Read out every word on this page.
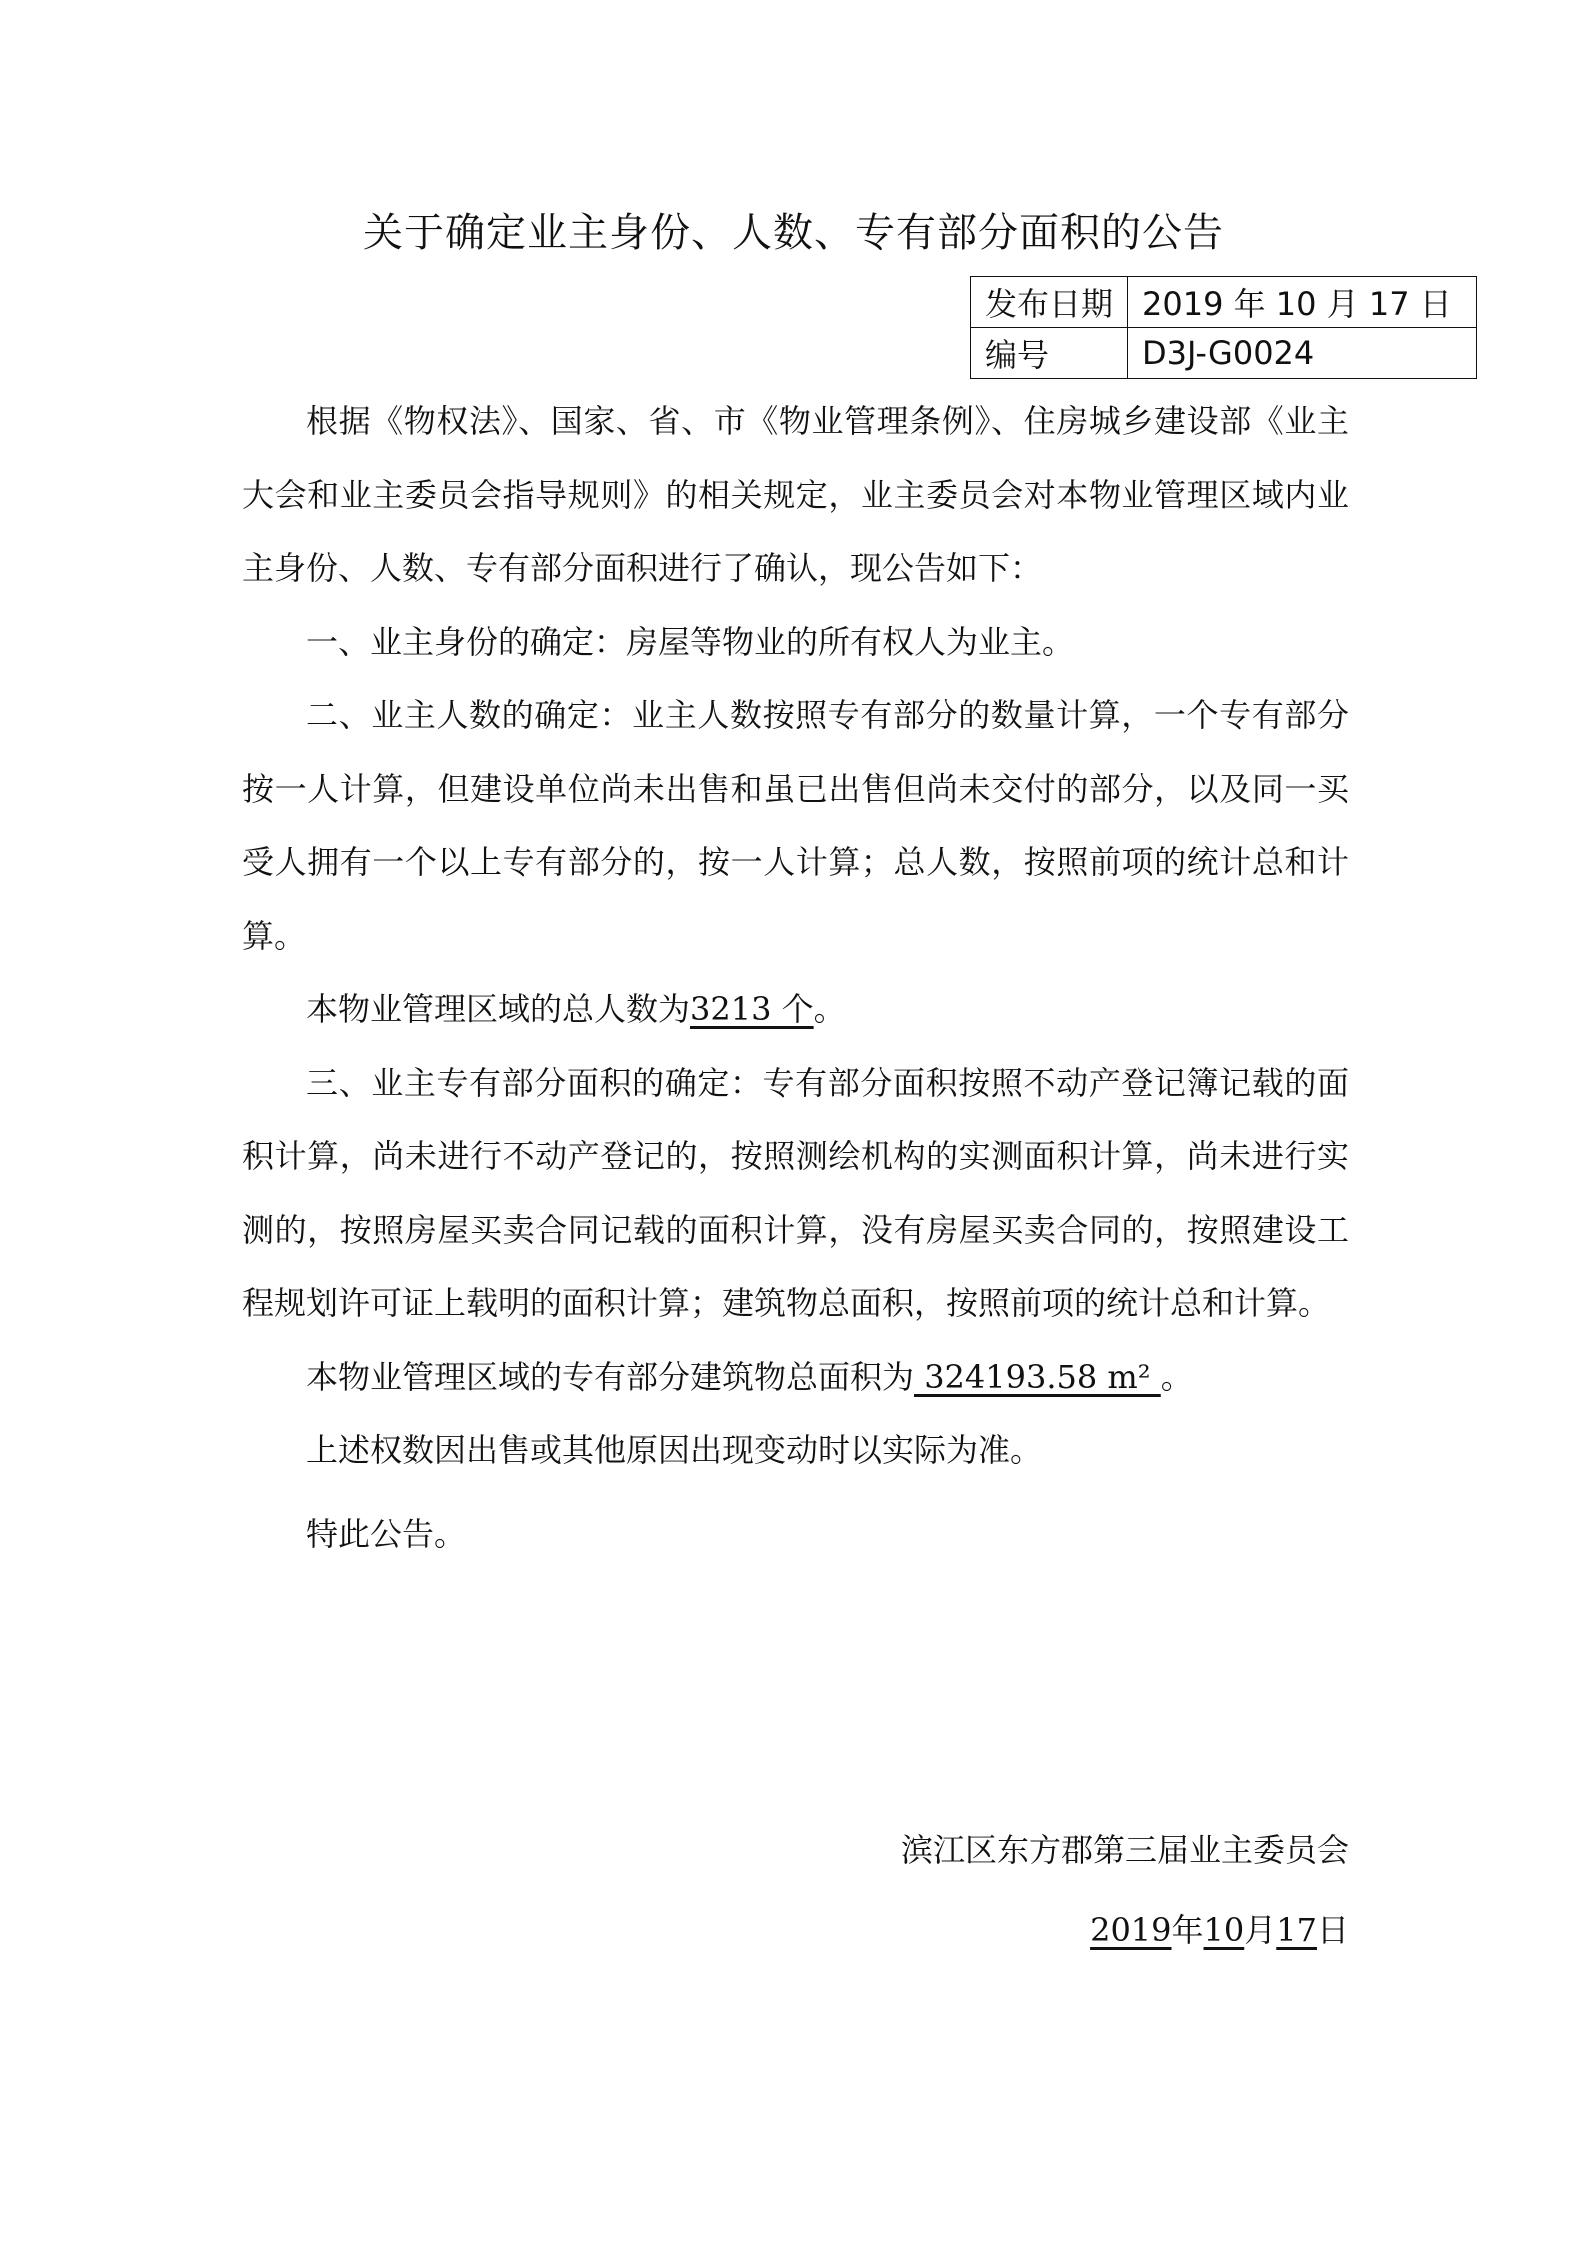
关于确定业主身份、人数、专有部分面积的公告
发布日期	2019 年 10 月 17 日
编号	D3J-G0024

根据《物权法》、国家、省、市《物业管理条例》、住房城乡建设部《业主大会和业主委员会指导规则》的相关规定，业主委员会对本物业管理区域内业主身份、人数、专有部分面积进行了确认，现公告如下：

一、业主身份的确定：房屋等物业的所有权人为业主。

二、业主人数的确定：业主人数按照专有部分的数量计算，一个专有部分按一人计算，但建设单位尚未出售和虽已出售但尚未交付的部分，以及同一买受人拥有一个以上专有部分的，按一人计算；总人数，按照前项的统计总和计算。

本物业管理区域的总人数为3213 个。

三、业主专有部分面积的确定：专有部分面积按照不动产登记簿记载的面积计算，尚未进行不动产登记的，按照测绘机构的实测面积计算，尚未进行实测的，按照房屋买卖合同记载的面积计算，没有房屋买卖合同的，按照建设工程规划许可证上载明的面积计算；建筑物总面积，按照前项的统计总和计算。

本物业管理区域的专有部分建筑物总面积为 324193.58 m² 。

上述权数因出售或其他原因出现变动时以实际为准。

特此公告。

滨江区东方郡第三届业主委员会
2019年10月17日
